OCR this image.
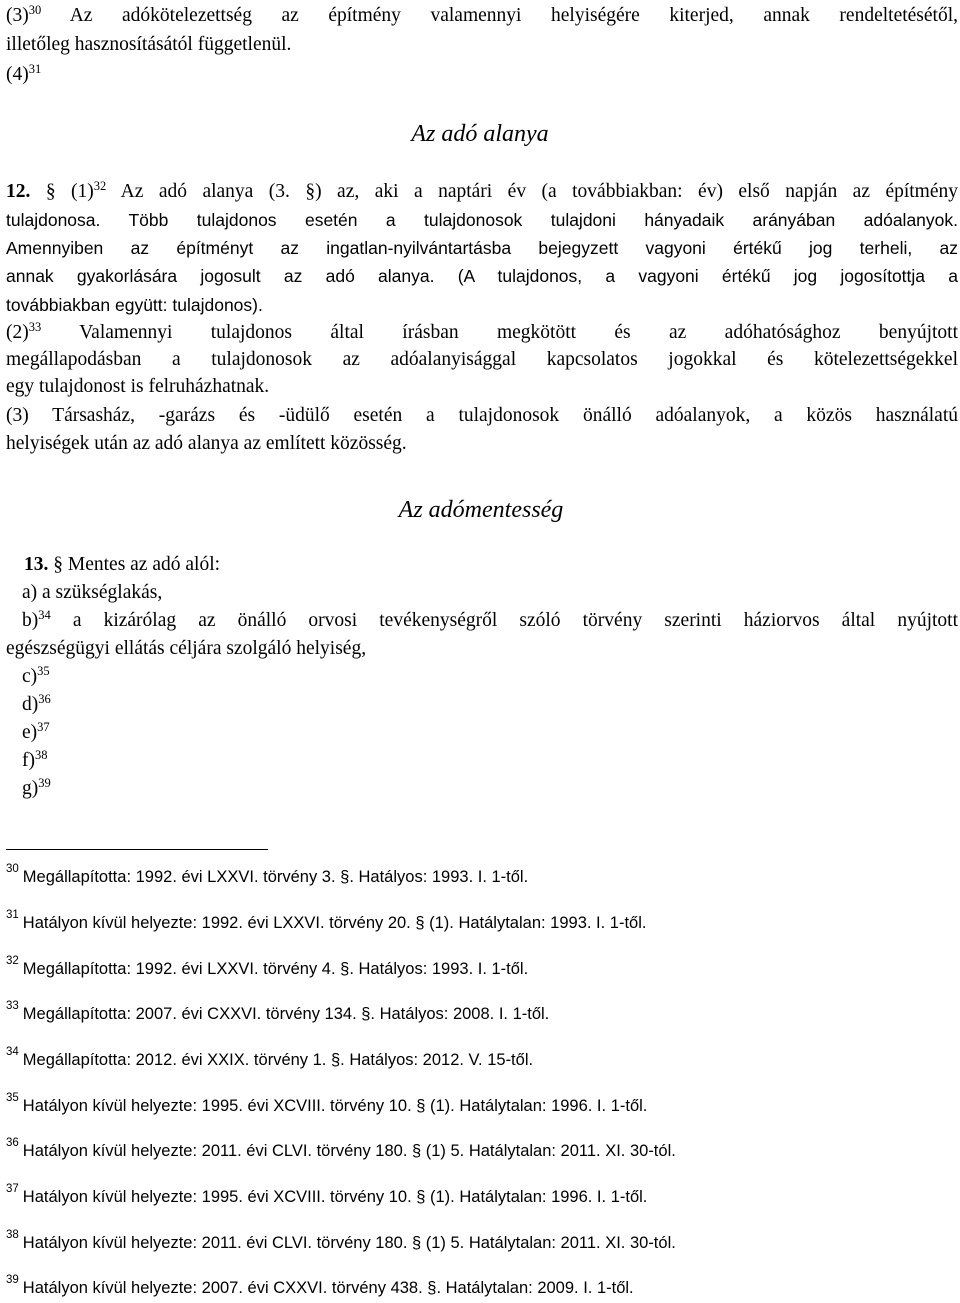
$(3)^{30}$ Az adókötelezettség az építmény valamennyi helyiségére kiterjed, annak rendeltetésétől,
illetőleg hasznosításától függetlenül.
$(4)^{31}$
Az adó alanya
12. § $(1)^{32}$ Az adó alanya (3. §) az, aki a naptári év (a továbbiakban: év) első napján az építmény
tulajdonosa. Több tulajdonos esetén a tulajdonosok tulajdoni hányadaik arányában adóalanyok.
Amennyiben az építményt az ingatlan-nyilvántartásba bejegyzett vagyoni értékű jog terheli, az
annak gyakorlására jogosult az adó alanya. (A tulajdonos, a vagyoni értékű jog jogosítottja a
továbbiakban együtt: tulajdonos).
$(2)^{33}$ Valamennyi tulajdonos által írásban megkötött és az adóhatósághoz benyújtott
megállapodásban a tulajdonosok az adóalanyisággal kapcsolatos jogokkal és kötelezettségekkel
egy tulajdonost is felruházhatnak.
(3) Társasház, -garázs és -üdülő esetén a tulajdonosok önálló adóalanyok, a közös használatú
helyiségek után az adó alanya az említett közösség.
Az adómentesség
13. § Mentes az adó alól:
a) a szükséglakás,
b)$^{34}$ a kizárólag az önálló orvosi tevékenységről szóló törvény szerinti háziorvos által nyújtott
egészségügyi ellátás céljára szolgáló helyiség,
c)$^{35}$
d)$^{36}$
e)$^{37}$
f)$^{38}$
g)$^{39}$
$^{30}$ Megállapította: 1992. évi LXXVI. törvény 3. §. Hatályos: 1993. I. 1-től.
$^{31}$ Hatályon kívül helyezte: 1992. évi LXXVI. törvény 20. § (1). Hatálytalan: 1993. I. 1-től.
$^{32}$ Megállapította: 1992. évi LXXVI. törvény 4. §. Hatályos: 1993. I. 1-től.
$^{33}$ Megállapította: 2007. évi CXXVI. törvény 134. §. Hatályos: 2008. I. 1-től.
$^{34}$ Megállapította: 2012. évi XXIX. törvény 1. §. Hatályos: 2012. V. 15-től.
$^{35}$ Hatályon kívül helyezte: 1995. évi XCVIII. törvény 10. § (1). Hatálytalan: 1996. I. 1-től.
$^{36}$ Hatályon kívül helyezte: 2011. évi CLVI. törvény 180. § (1) 5. Hatálytalan: 2011. XI. 30-tól.
$^{37}$ Hatályon kívül helyezte: 1995. évi XCVIII. törvény 10. § (1). Hatálytalan: 1996. I. 1-től.
$^{38}$ Hatályon kívül helyezte: 2011. évi CLVI. törvény 180. § (1) 5. Hatálytalan: 2011. XI. 30-tól.
$^{39}$ Hatályon kívül helyezte: 2007. évi CXXVI. törvény 438. §. Hatálytalan: 2009. I. 1-től.
